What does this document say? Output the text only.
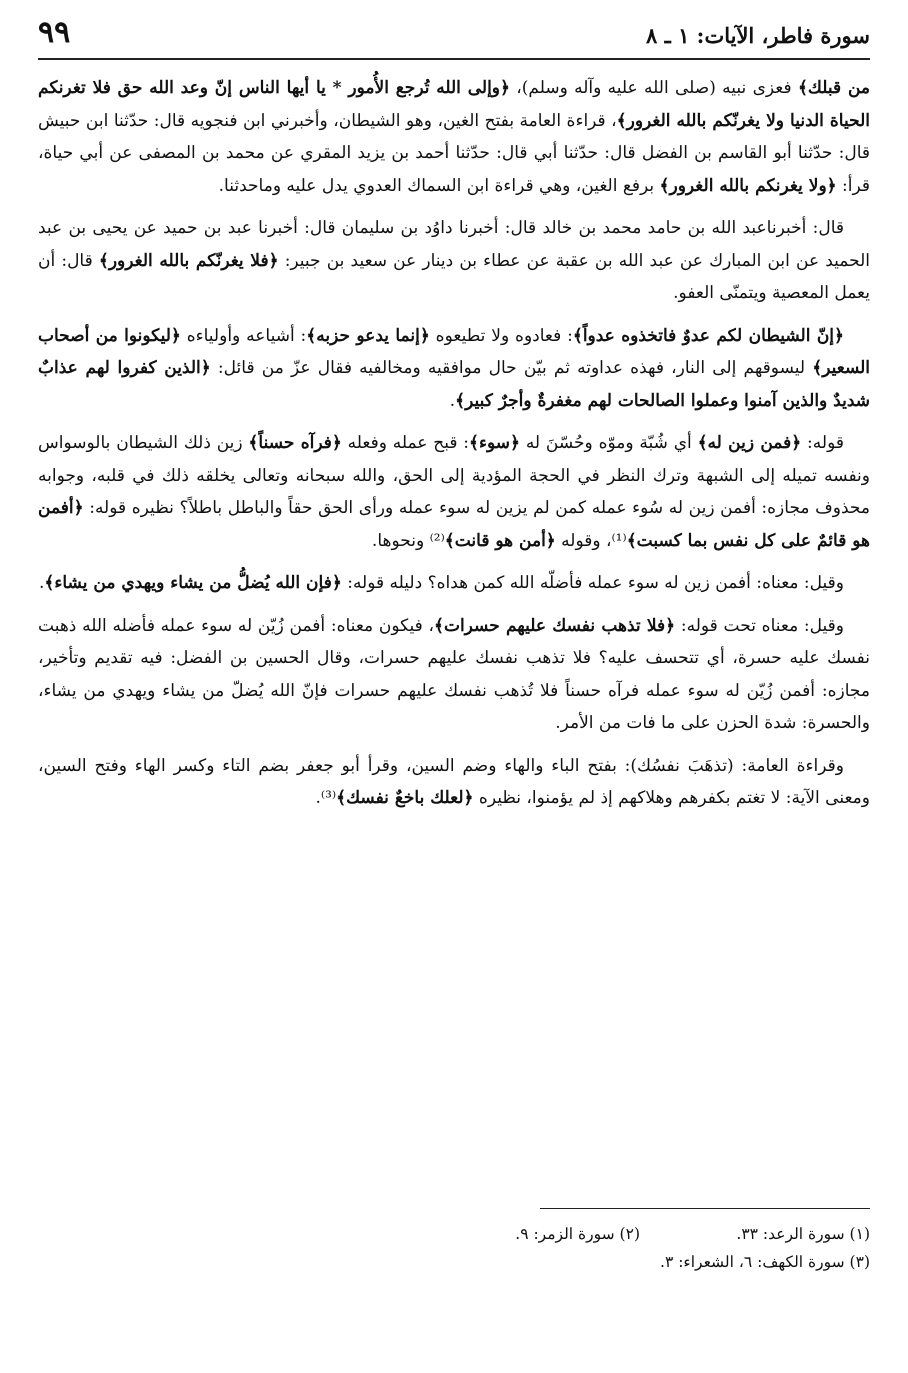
سورة فاطر، الآيات: ١ ـ ٨
٩٩

من قبلك﴾ فعزى نبيه (صلى الله عليه وآله وسلم)، ﴿وإلى الله تُرجع الأُمور * يا أيها الناس إنّ وعد الله حق فلا تغرنكم الحياة الدنيا ولا يغرنّكم بالله الغرور﴾، قراءة العامة بفتح الغين، وهو الشيطان، وأخبرني ابن فنجويه قال: حدّثنا ابن حبيش قال: حدّثنا أبو القاسم بن الفضل قال: حدّثنا أبي قال: حدّثنا أحمد بن يزيد المقري عن محمد بن المصفى عن أبي حياة، قرأ: ﴿ولا يغرنكم بالله الغرور﴾ برفع الغين، وهي قراءة ابن السماك العدوي يدل عليه وماحدثنا.

قال: أخبرناعبد الله بن حامد محمد بن خالد قال: أخبرنا داوُد بن سليمان قال: أخبرنا عبد بن حميد عن يحيى بن عبد الحميد عن ابن المبارك عن عبد الله بن عقبة عن عطاء بن دينار عن سعيد بن جبير: ﴿فلا يغرنّكم بالله الغرور﴾ قال: أن يعمل المعصية ويتمنّى العفو.

﴿إنّ الشيطان لكم عدوٌ فاتخذوه عدواً﴾: فعادوه ولا تطيعوه ﴿إنما يدعو حزبه﴾: أشياعه وأولياءه ﴿ليكونوا من أصحاب السعير﴾ ليسوقهم إلى النار، فهذه عداوته ثم بيّن حال موافقيه ومخالفيه فقال عزّ من قائل: ﴿الذين كفروا لهم عذابٌ شديدٌ والذين آمنوا وعملوا الصالحات لهم مغفرةٌ وأجرٌ كبير﴾.

قوله: ﴿فمن زين له﴾ أي شُبّة وموّه وحُسّنَ له ﴿سوء﴾: قبح عمله وفعله ﴿فرآه حسناً﴾ زين ذلك الشيطان بالوسواس ونفسه تميله إلى الشبهة وترك النظر في الحجة المؤدية إلى الحق، والله سبحانه وتعالى يخلقه ذلك في قلبه، وجوابه محذوف مجازه: أفمن زين له سُوء عمله كمن لم يزين له سوء عمله ورأى الحق حقاً والباطل باطلاً؟ نظيره قوله: ﴿أفمن هو قائمٌ على كل نفس بما كسبت﴾⁽¹⁾، وقوله ﴿أمن هو قانت﴾⁽²⁾ ونحوها.

وقيل: معناه: أفمن زين له سوء عمله فأضلّه الله كمن هداه؟ دليله قوله: ﴿فإن الله يُضلُّ من يشاء ويهدي من يشاء﴾.

وقيل: معناه تحت قوله: ﴿فلا تذهب نفسك عليهم حسرات﴾، فيكون معناه: أفمن زُيّن له سوء عمله فأضله الله ذهبت نفسك عليه حسرة، أي تتحسف عليه؟ فلا تذهب نفسك عليهم حسرات، وقال الحسين بن الفضل: فيه تقديم وتأخير، مجازه: أفمن زُيّن له سوء عمله فرآه حسناً فلا تُذهب نفسك عليهم حسرات فإنّ الله يُضلّ من يشاء ويهدي من يشاء، والحسرة: شدة الحزن على ما فات من الأمر.

وقراءة العامة: (تذهَبَ نفسُك): بفتح الباء والهاء وضم السين، وقرأ أبو جعفر بضم التاء وكسر الهاء وفتح السين، ومعنى الآية: لا تغتم بكفرهم وهلاكهم إذ لم يؤمنوا، نظيره ﴿لعلك باخعٌ نفسك﴾⁽³⁾.

(١) سورة الرعد: ٣٣.
(٢) سورة الزمر: ٩.
(٣) سورة الكهف: ٦، الشعراء: ٣.
